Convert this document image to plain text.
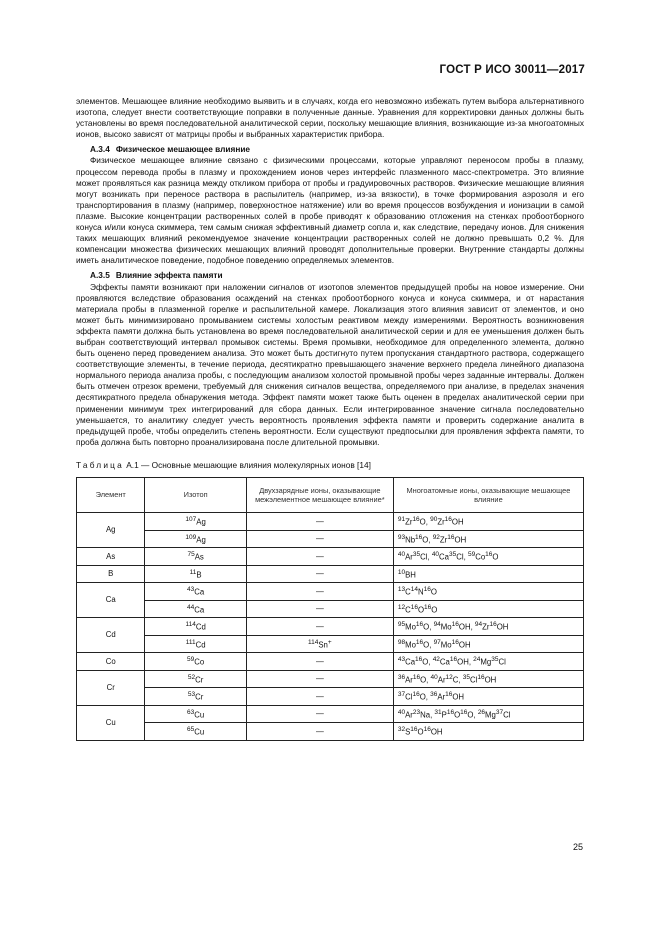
ГОСТ Р ИСО 30011—2017

элементов. Мешающее влияние необходимо выявить и в случаях, когда его невозможно избежать путем выбора альтернативного изотопа, следует внести соответствующие поправки в полученные данные. Уравнения для корректировки данных должны быть установлены во время последовательной аналитической серии, поскольку мешающие влияния, возникающие из-за многоатомных ионов, высоко зависят от матрицы пробы и выбранных характеристик прибора.

А.3.4 Физическое мешающее влияние

Физическое мешающее влияние связано с физическими процессами, которые управляют переносом пробы в плазму, процессом перевода пробы в плазму и прохождением ионов через интерфейс плазменного масс-спектрометра. Это влияние может проявляться как разница между откликом прибора от пробы и градуировочных растворов. Физические мешающие влияния могут возникать при переносе раствора в распылитель (например, из-за вязкости), в точке формирования аэрозоля и его транспортирования в плазму (например, поверхностное натяжение) или во время процессов возбуждения и ионизации в самой плазме. Высокие концентрации растворенных солей в пробе приводят к образованию отложения на стенках пробоотборного конуса и/или конуса скиммера, тем самым снижая эффективный диаметр сопла и, как следствие, передачу ионов. Для снижения таких мешающих влияний рекомендуемое значение концентрации растворенных солей не должно превышать 0,2 %. Для компенсации множества физических мешающих влияний проводят дополнительные проверки. Внутренние стандарты должны иметь аналитическое поведение, подобное поведению определяемых элементов.

А.3.5 Влияние эффекта памяти

Эффекты памяти возникают при наложении сигналов от изотопов элементов предыдущей пробы на новое измерение. Они проявляются вследствие образования осаждений на стенках пробоотборного конуса и конуса скиммера, и от нарастания материала пробы в плазменной горелке и распылительной камере. Локализация этого влияния зависит от элементов, и оно может быть минимизировано промыванием системы холостым реактивом между измерениями. Вероятность возникновения эффекта памяти должна быть установлена во время последовательной аналитической серии и для ее уменьшения должен быть выбран соответствующий интервал промывок системы. Время промывки, необходимое для определенного элемента, должно быть оценено перед проведением анализа. Это может быть достигнуто путем пропускания стандартного раствора, содержащего соответствующие элементы, в течение периода, десятикратно превышающего значение верхнего предела линейного диапазона нормального периода анализа пробы, с последующим анализом холостой промывной пробы через заданные интервалы. Должен быть отмечен отрезок времени, требуемый для снижения сигналов вещества, определяемого при анализе, в пределах значения десятикратного предела обнаружения метода. Эффект памяти может также быть оценен в пределах аналитической серии при применении минимум трех интегрирований для сбора данных. Если интегрированное значение сигнала последовательно уменьшается, то аналитику следует учесть вероятность проявления эффекта памяти и проверить содержание аналита в предыдущей пробе, чтобы определить степень вероятности. Если существуют предпосылки для проявления эффекта памяти, то проба должна быть повторно проанализирована после длительной промывки.

Таблица А.1 — Основные мешающие влияния молекулярных ионов [14]

Элемент	Изотоп	Двухзарядные ионы, оказывающие межэлементное мешающее влияние*	Многоатомные ионы, оказывающие мешающее влияние
Ag	$^{107}$Ag	—	$^{91}$Zr$^{16}$O, $^{90}$Zr$^{16}$OH
	$^{109}$Ag	—	$^{93}$Nb$^{16}$O, $^{92}$Zr$^{16}$OH
As	$^{75}$As	—	$^{40}$Ar$^{35}$Cl, $^{40}$Ca$^{35}$Cl, $^{59}$Co$^{16}$O
B	$^{11}$B	—	$^{10}$BH
Ca	$^{43}$Ca	—	$^{13}C^{14}N^{16}O$
	$^{44}$Ca	—	$^{12}C^{16}O^{16}O$
Cd	$^{114}$Cd	—	$^{95}$Mo$^{16}$O, $^{94}$Mo$^{16}$OH, $^{94}$Zr$^{16}$OH
	$^{111}$Cd	$^{114}$Sn+	$^{98}$Mo$^{16}$O, $^{97}$Mo$^{16}$OH
Co	$^{59}$Co	—	$^{43}$Ca$^{16}$O, $^{42}$Ca$^{16}$OH, $^{24}$Mg$^{35}$Cl
Cr	$^{52}$Cr	—	$^{36}$Ar$^{16}$O, $^{40}$Ar$^{12}$C, $^{35}$Cl$^{16}$OH
	$^{53}$Cr	—	$^{37}$Cl$^{16}$O, $^{36}$Ar$^{16}$OH
Cu	$^{63}$Cu	—	$^{40}$Ar$^{23}$Na, $^{31}P^{16}O^{16}O$, $^{26}$Mg$^{37}$Cl
	$^{65}$Cu	—	$^{32}S^{16}O^{16}OH$
25
